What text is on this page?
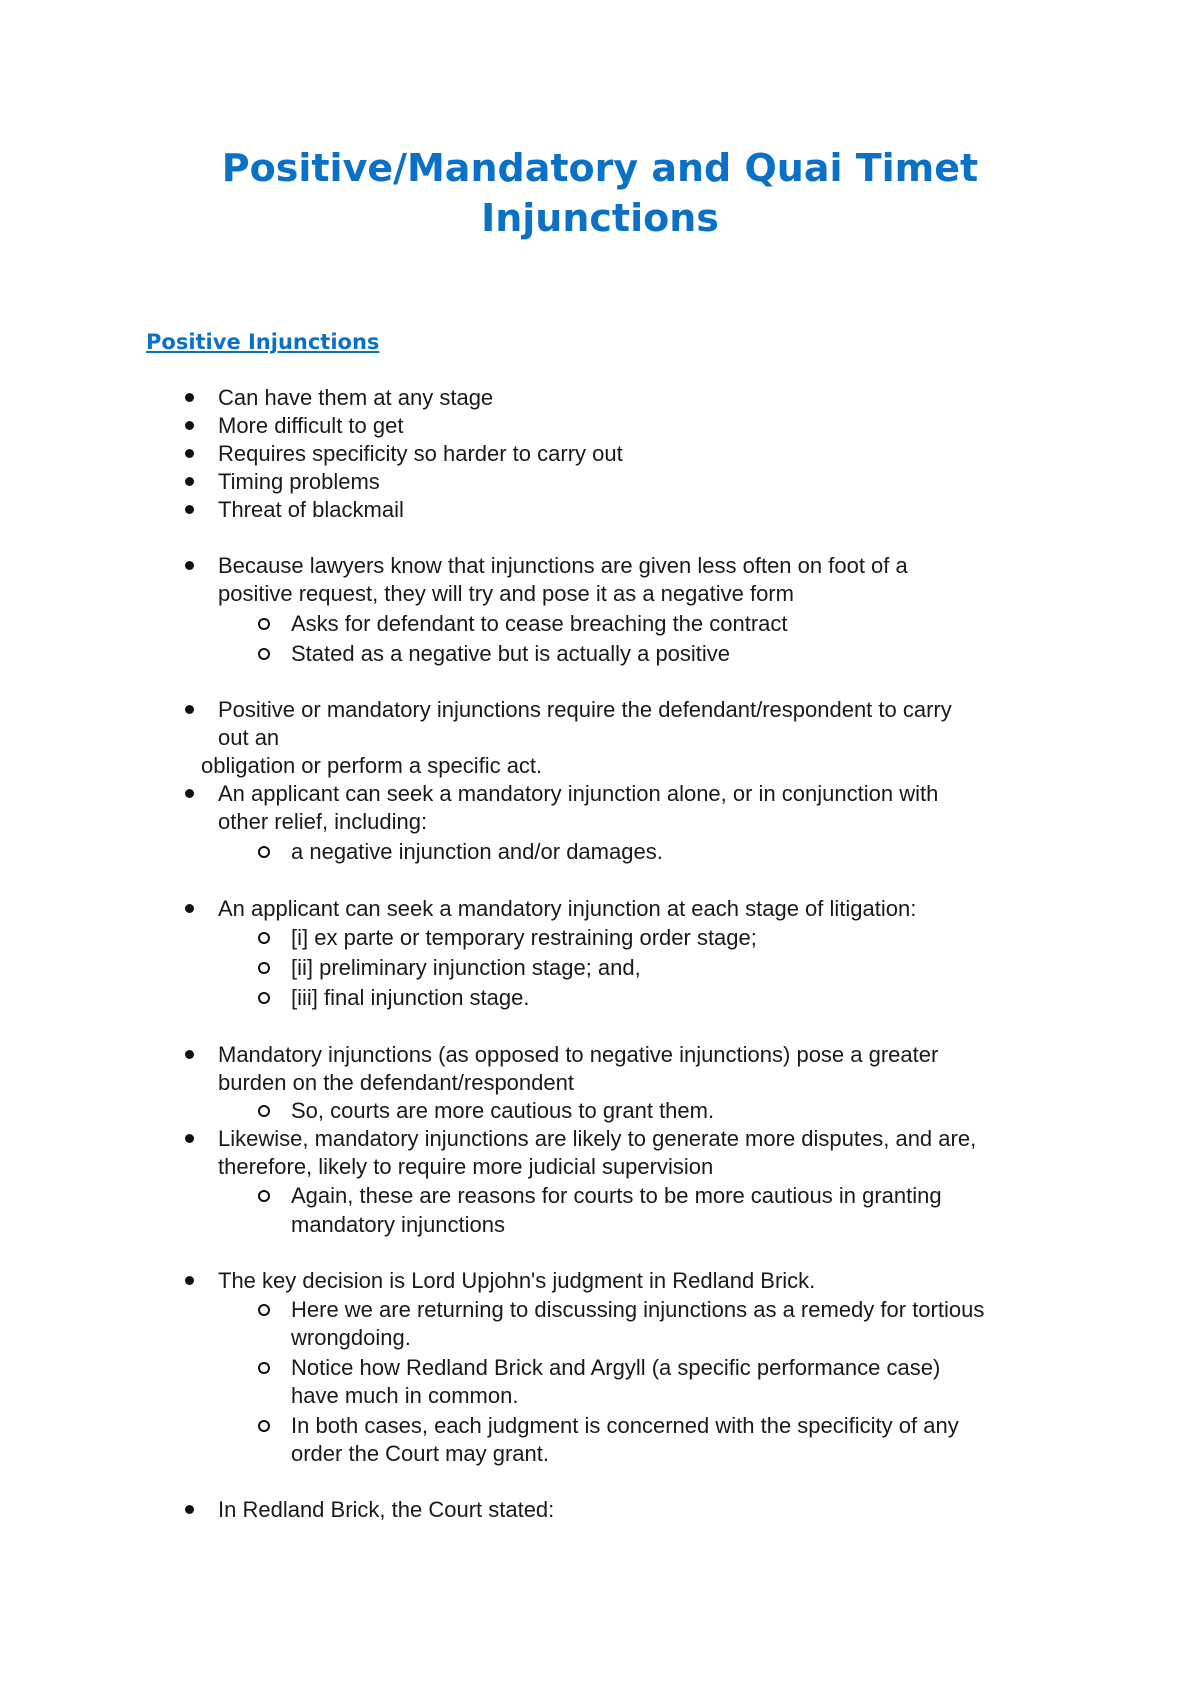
Positive/Mandatory and Quai Timet
Injunctions
Positive Injunctions
Can have them at any stage
More difficult to get
Requires specificity so harder to carry out
Timing problems
Threat of blackmail
Because lawyers know that injunctions are given less often on foot of a
positive request, they will try and pose it as a negative form
Asks for defendant to cease breaching the contract
Stated as a negative but is actually a positive
Positive or mandatory injunctions require the defendant/respondent to carry
out an
obligation or perform a specific act.
An applicant can seek a mandatory injunction alone, or in conjunction with
other relief, including:
a negative injunction and/or damages.
An applicant can seek a mandatory injunction at each stage of litigation:
[i] ex parte or temporary restraining order stage;
[ii] preliminary injunction stage; and,
[iii] final injunction stage.
Mandatory injunctions (as opposed to negative injunctions) pose a greater
burden on the defendant/respondent
So, courts are more cautious to grant them.
Likewise, mandatory injunctions are likely to generate more disputes, and are,
therefore, likely to require more judicial supervision
Again, these are reasons for courts to be more cautious in granting
mandatory injunctions
The key decision is Lord Upjohn's judgment in Redland Brick.
Here we are returning to discussing injunctions as a remedy for tortious
wrongdoing.
Notice how Redland Brick and Argyll (a specific performance case)
have much in common.
In both cases, each judgment is concerned with the specificity of any
order the Court may grant.
In Redland Brick, the Court stated:
